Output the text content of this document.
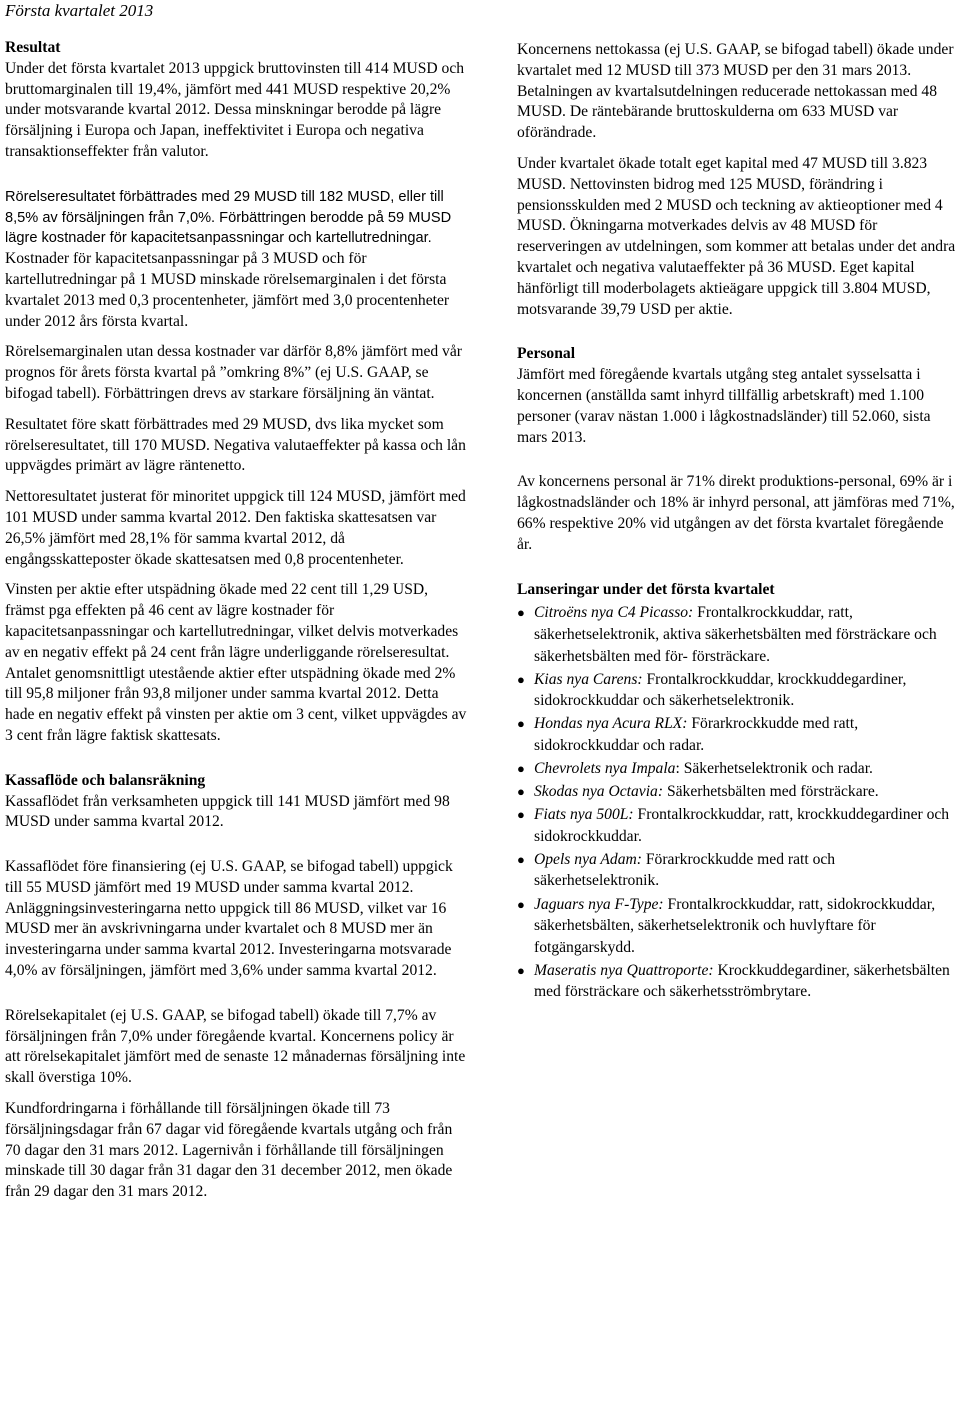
Första kvartalet 2013
Resultat

Under det första kvartalet 2013 uppgick bruttovinsten till 414 MUSD och bruttomarginalen till 19,4%, jämfört med 441 MUSD respektive 20,2% under motsvarande kvartal 2012. Dessa minskningar berodde på lägre försäljning i Europa och Japan, ineffektivitet i Europa och negativa transaktionseffekter från valutor.

Rörelseresultatet förbättrades med 29 MUSD till 182 MUSD, eller till 8,5% av försäljningen från 7,0%. Förbättringen berodde på 59 MUSD lägre kostnader för kapacitetsanpassningar och kartellutredningar. Kostnader för kapacitetsanpassningar på 3 MUSD och för kartellutredningar på 1 MUSD minskade rörelsemarginalen i det första kvartalet 2013 med 0,3 procentenheter, jämfört med 3,0 procentenheter under 2012 års första kvartal.

Rörelsemarginalen utan dessa kostnader var därför 8,8% jämfört med vår prognos för årets första kvartal på ”omkring 8%” (ej U.S. GAAP, se bifogad tabell). Förbättringen drevs av starkare försäljning än väntat.

Resultatet före skatt förbättrades med 29 MUSD, dvs lika mycket som rörelseresultatet, till 170 MUSD. Negativa valutaeffekter på kassa och lån uppvägdes primärt av lägre räntenetto.

Nettoresultatet justerat för minoritet uppgick till 124 MUSD, jämfört med 101 MUSD under samma kvartal 2012. Den faktiska skattesatsen var 26,5% jämfört med 28,1% för samma kvartal 2012, då engångsskatteposter ökade skattesatsen med 0,8 procentenheter.

Vinsten per aktie efter utspädning ökade med 22 cent till 1,29 USD, främst pga effekten på 46 cent av lägre kostnader för kapacitetsanpassningar och kartellutredningar, vilket delvis motverkades av en negativ effekt på 24 cent från lägre underliggande rörelseresultat. Antalet genomsnittligt utestående aktier efter utspädning ökade med 2% till 95,8 miljoner från 93,8 miljoner under samma kvartal 2012. Detta hade en negativ effekt på vinsten per aktie om 3 cent, vilket uppvägdes av 3 cent från lägre faktisk skattesats.

Kassaflöde och balansräkning

Kassaflödet från verksamheten uppgick till 141 MUSD jämfört med 98 MUSD under samma kvartal 2012.

Kassaflödet före finansiering (ej U.S. GAAP, se bifogad tabell) uppgick till 55 MUSD jämfört med 19 MUSD under samma kvartal 2012. Anläggningsinvesteringarna netto uppgick till 86 MUSD, vilket var 16 MUSD mer än avskrivningarna under kvartalet och 8 MUSD mer än investeringarna under samma kvartal 2012. Investeringarna motsvarade 4,0% av försäljningen, jämfört med 3,6% under samma kvartal 2012.

Rörelsekapitalet (ej U.S. GAAP, se bifogad tabell) ökade till 7,7% av försäljningen från 7,0% under föregående kvartal. Koncernens policy är att rörelsekapitalet jämfört med de senaste 12 månadernas försäljning inte skall överstiga 10%.

Kundfordringarna i förhållande till försäljningen ökade till 73 försäljningsdagar från 67 dagar vid föregående kvartals utgång och från 70 dagar den 31 mars 2012. Lagernivån i förhållande till försäljningen minskade till 30 dagar från 31 dagar den 31 december 2012, men ökade från 29 dagar den 31 mars 2012.

Koncernens nettokassa (ej U.S. GAAP, se bifogad tabell) ökade under kvartalet med 12 MUSD till 373 MUSD per den 31 mars 2013. Betalningen av kvartalsutdelningen reducerade nettokassan med 48 MUSD. De räntebärande bruttoskulderna om 633 MUSD var oförändrade.

Under kvartalet ökade totalt eget kapital med 47 MUSD till 3.823 MUSD. Nettovinsten bidrog med 125 MUSD, förändring i pensionsskulden med 2 MUSD och teckning av aktieoptioner med 4 MUSD. Ökningarna motverkades delvis av 48 MUSD för reserveringen av utdelningen, som kommer att betalas under det andra kvartalet och negativa valutaeffekter på 36 MUSD. Eget kapital hänförligt till moderbolagets aktieägare uppgick till 3.804 MUSD, motsvarande 39,79 USD per aktie.

Personal

Jämfört med föregående kvartals utgång steg antalet sysselsatta i koncernen (anställda samt inhyrd tillfällig arbetskraft) med 1.100 personer (varav nästan 1.000 i lågkostnadsländer) till 52.060, sista mars 2013.

Av koncernens personal är 71% direkt produktions-personal, 69% är i lågkostnadsländer och 18% är inhyrd personal, att jämföras med 71%, 66% respektive 20% vid utgången av det första kvartalet föregående år.

Lanseringar under det första kvartalet
● Citroëns nya C4 Picasso: Frontalkrockkuddar, ratt, säkerhetselektronik, aktiva säkerhetsbälten med försträckare och säkerhetsbälten med för- försträckare.
● Kias nya Carens: Frontalkrockkuddar, krockkuddegardiner, sidokrockkuddar och säkerhetselektronik.
● Hondas nya Acura RLX: Förarkrockkudde med ratt, sidokrockkuddar och radar.
● Chevrolets nya Impala: Säkerhetselektronik och radar.
● Skodas nya Octavia: Säkerhetsbälten med försträckare.
● Fiats nya 500L: Frontalkrockkuddar, ratt, krockkuddegardiner och sidokrockkuddar.
● Opels nya Adam: Förarkrockkudde med ratt och säkerhetselektronik.
● Jaguars nya F-Type: Frontalkrockkuddar, ratt, sidokrockkuddar, säkerhetsbälten, säkerhetselektronik och huvlyftare för fotgängarskydd.
● Maseratis nya Quattroporte: Krockkuddegardiner, säkerhetsbälten med försträckare och säkerhetsströmbrytare.
